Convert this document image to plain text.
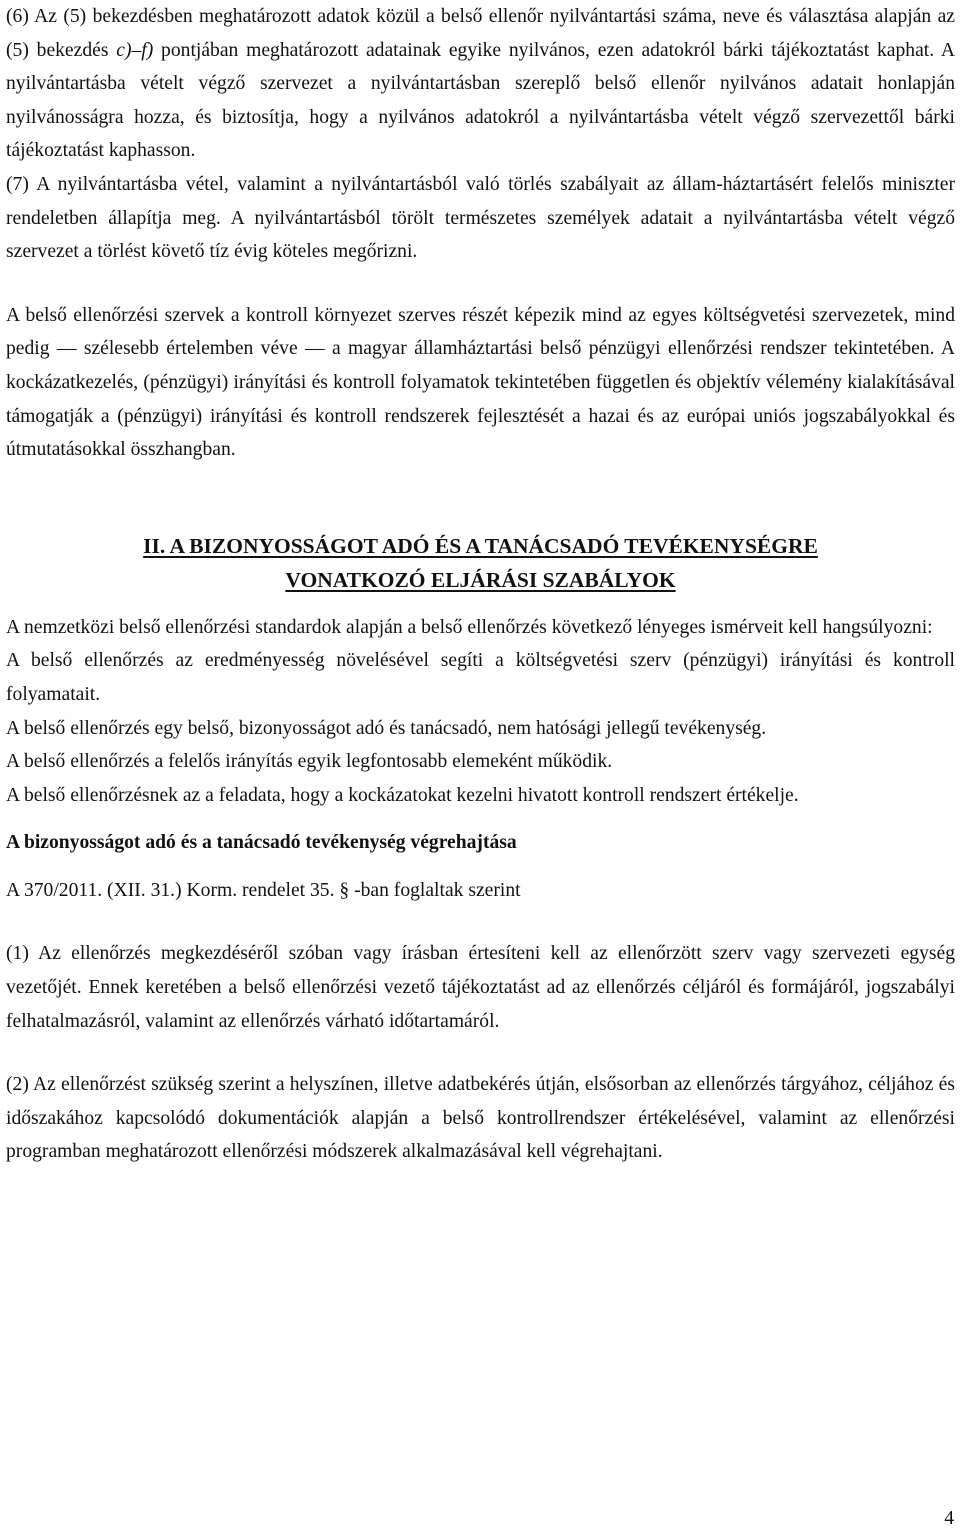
(6) Az (5) bekezdésben meghatározott adatok közül a belső ellenőr nyilvántartási száma, neve és választása alapján az (5) bekezdés c)–f) pontjában meghatározott adatainak egyike nyilvános, ezen adatokról bárki tájékoztatást kaphat. A nyilvántartásba vételt végző szervezet a nyilvántartásban szereplő belső ellenőr nyilvános adatait honlapján nyilvánosságra hozza, és biztosítja, hogy a nyilvános adatokról a nyilvántartásba vételt végző szervezettől bárki tájékoztatást kaphasson.

(7) A nyilvántartásba vétel, valamint a nyilvántartásból való törlés szabályait az állam-háztartásért felelős miniszter rendeletben állapítja meg. A nyilvántartásból törölt természetes személyek adatait a nyilvántartásba vételt végző szervezet a törlést követő tíz évig köteles megőrizni.

A belső ellenőrzési szervek a kontroll környezet szerves részét képezik mind az egyes költségvetési szervezetek, mind pedig — szélesebb értelemben véve — a magyar államháztartási belső pénzügyi ellenőrzési rendszer tekintetében. A kockázatkezelés, (pénzügyi) irányítási és kontroll folyamatok tekintetében független és objektív vélemény kialakításával támogatják a (pénzügyi) irányítási és kontroll rendszerek fejlesztését a hazai és az európai uniós jogszabályokkal és útmutatásokkal összhangban.

II. A BIZONYOSSÁGOT ADÓ ÉS A TANÁCSADÓ TEVÉKENYSÉGRE
VONATKOZÓ ELJÁRÁSI SZABÁLYOK

A nemzetközi belső ellenőrzési standardok alapján a belső ellenőrzés következő lényeges ismérveit kell hangsúlyozni:

A belső ellenőrzés az eredményesség növelésével segíti a költségvetési szerv (pénzügyi) irányítási és kontroll folyamatait.

A belső ellenőrzés egy belső, bizonyosságot adó és tanácsadó, nem hatósági jellegű tevékenység.

A belső ellenőrzés a felelős irányítás egyik legfontosabb elemeként működik.

A belső ellenőrzésnek az a feladata, hogy a kockázatokat kezelni hivatott kontroll rendszert értékelje.

A bizonyosságot adó és a tanácsadó tevékenység végrehajtása

A 370/2011. (XII. 31.) Korm. rendelet 35. § -ban foglaltak szerint

(1) Az ellenőrzés megkezdéséről szóban vagy írásban értesíteni kell az ellenőrzött szerv vagy szervezeti egység vezetőjét. Ennek keretében a belső ellenőrzési vezető tájékoztatást ad az ellenőrzés céljáról és formájáról, jogszabályi felhatalmazásról, valamint az ellenőrzés várható időtartamáról.

(2) Az ellenőrzést szükség szerint a helyszínen, illetve adatbekérés útján, elsősorban az ellenőrzés tárgyához, céljához és időszakához kapcsolódó dokumentációk alapján a belső kontrollrendszer értékelésével, valamint az ellenőrzési programban meghatározott ellenőrzési módszerek alkalmazásával kell végrehajtani.

4
